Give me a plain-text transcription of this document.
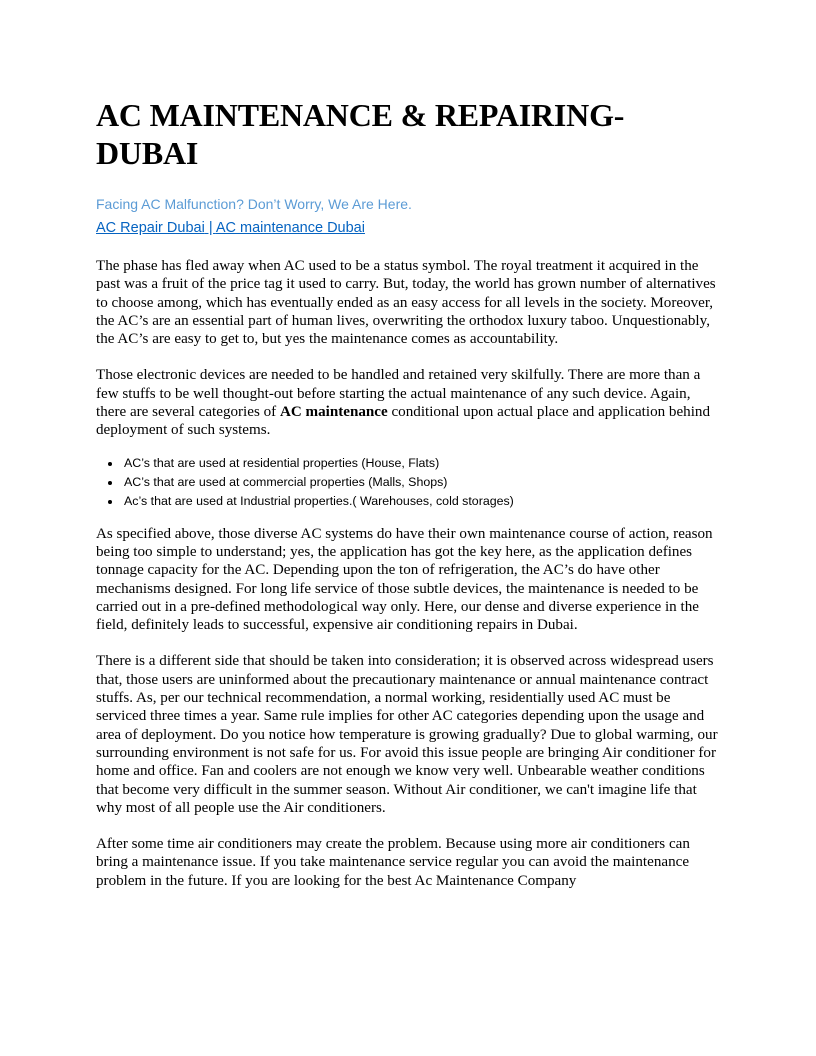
AC MAINTENANCE & REPAIRING-DUBAI
Facing AC Malfunction? Don’t Worry, We Are Here.
AC Repair Dubai | AC maintenance Dubai

The phase has fled away when AC used to be a status symbol. The royal treatment it acquired in the past was a fruit of the price tag it used to carry. But, today, the world has grown number of alternatives to choose among, which has eventually ended as an easy access for all levels in the society. Moreover, the AC’s are an essential part of human lives, overwriting the orthodox luxury taboo. Unquestionably, the AC’s are easy to get to, but yes the maintenance comes as accountability.

Those electronic devices are needed to be handled and retained very skilfully. There are more than a few stuffs to be well thought-out before starting the actual maintenance of any such device. Again, there are several categories of AC maintenance conditional upon actual place and application behind deployment of such systems.

• AC’s that are used at residential properties (House, Flats)
• AC’s that are used at commercial properties (Malls, Shops)
• Ac’s that are used at Industrial properties.( Warehouses, cold storages)

As specified above, those diverse AC systems do have their own maintenance course of action, reason being too simple to understand; yes, the application has got the key here, as the application defines tonnage capacity for the AC. Depending upon the ton of refrigeration, the AC’s do have other mechanisms designed. For long life service of those subtle devices, the maintenance is needed to be carried out in a pre-defined methodological way only. Here, our dense and diverse experience in the field, definitely leads to successful, expensive air conditioning repairs in Dubai.

There is a different side that should be taken into consideration; it is observed across widespread users that, those users are uninformed about the precautionary maintenance or annual maintenance contract stuffs. As, per our technical recommendation, a normal working, residentially used AC must be serviced three times a year. Same rule implies for other AC categories depending upon the usage and area of deployment. Do you notice how temperature is growing gradually? Due to global warming, our surrounding environment is not safe for us. For avoid this issue people are bringing Air conditioner for home and office. Fan and coolers are not enough we know very well. Unbearable weather conditions that become very difficult in the summer season. Without Air conditioner, we can't imagine life that why most of all people use the Air conditioners.

After some time air conditioners may create the problem. Because using more air conditioners can bring a maintenance issue. If you take maintenance service regular you can avoid the maintenance problem in the future. If you are looking for the best Ac Maintenance Company
